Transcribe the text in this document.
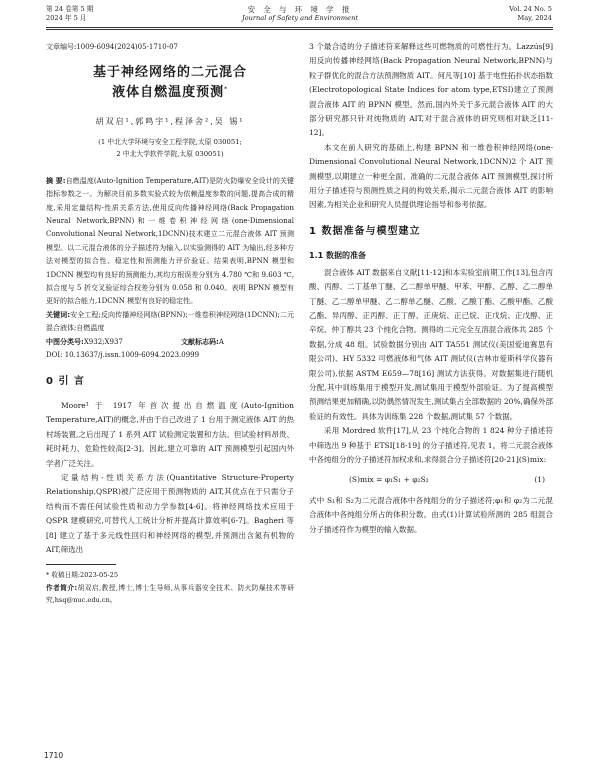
第 24 卷第 5 期
2024 年 5 月
安 全 与 环 境 学 报
Journal of Safety and Environment
Vol. 24 No. 5
May, 2024

文章编号:1009-6094(2024)05-1710-07

基于神经网络的二元混合

液体自燃温度预测*

胡双启¹,郭鸣宇¹,程泽舍²,吴 锡¹

(1 中北大学环境与安全工程学院,太原 030051;

2 中北大学软件学院,太原 030051)

摘 要:自燃温度(Auto-Ignition Temperature,AIT)是防火防爆安全设计的关键指标参数之一。为解决目前多数实验式较为依赖温度参数的问题,提高合成的精度,采用定量结构-性质关系方法,使用反向传播神经网络(Back Propagation Neural Network,BPNN)和一维卷积神经网络(one-Dimensional Convolutional Neural Network,1DCNN)技术建立二元混合液体 AIT 预测模型。以二元混合液体的分子描述符为输入,以实验测得的 AIT 为输出,经多种方法对模型的拟合性、稳定性和预测能力评价验证。结果表明,BPNN 模型和 1DCNN 模型均有良好的预测能力,其均方根误差分别为 4.780 ℃和 9.603 ℃,拟合度与 5 折交叉验证综合权差分别为 0.058 和 0.040。表明 BPNN 模型有更好的拟合能力,1DCNN 模型有良好的稳定性。

关键词:安全工程;反向传播神经网络(BPNN);一维卷积神经网络(1DCNN);二元混合液体;自燃温度

中图分类号:X932;X937	文献标志码:A

DOI: 10.13637/j.issn.1009-6094.2023.0999

0 引 言

Moore¹ 于 1917 年首次提出自燃温度(Auto-Ignition Temperature,AIT)的概念,并由于自己改进了 1 台用于测定液体 AIT 的热村场装置,之后出现了 1 系列 AIT 试验测定装置和方法。但试验材料昂贵、耗时耗力、危险性较高[2-3]。因此,建立可靠的 AIT 预测模型引起国内外学者广泛关注。

定量结构-性质关系方法(Quantitative Structure-Property Relationship,QSPR)被广泛应用于预测物质的 AIT,其优点在于只需分子结构而不需任何试验性质和动力学参数[4-6]。将神经网络技术应用于 QSPR 建模研究,可替代人工统计分析并提高计算效率[6-7]。Bagheri 等[8] 建立了基于多元线性回归和神经网络的模型,并预测出含氮有机物的 AIT,筛选出

* 收稿日期:2023-05-25

作者简介:胡双启,教授,博士,博士生导师,从事兵器安全技术、防火防爆技术等研究,hsq@nuc.edu.cn。

3 个最合适的分子描述符来解释这些可燃物质的可燃性行为。Lazzús[9] 用反向传播神经网络(Back Propagation Neural Network,BPNN)与粒子群优化的混合方法预测物质 AIT。何凡等[10] 基于电性拓扑状态指数(Electrotopological State Indices for atom type,ETSI)建立了预测混合液体 AIT 的 BPNN 模型。然而,国内外关于多元混合液体 AIT 的大部分研究都只针对纯物质的 AIT,对于混合液体的研究则相对缺乏[11-12]。

本文在前人研究的基础上,构建 BPNN 和一维卷积神经网络(one-Dimensional Convolutional Neural Network,1DCNN)2 个 AIT 预测模型,以期建立一种更全面、准确的二元混合液体 AIT 预测模型,探讨所用分子描述符与预测性质之间的构效关系,揭示二元混合液体 AIT 的影响因素,为相关企业和研究人员提供理论指导和参考依据。

1 数据准备与模型建立
1.1 数据的准备

混合液体 AIT 数据来自文献[11-12]和本实验室前期工作[13],包含丙酸、丙醇、二丁基单丁醚、乙二醇单甲醚、甲苯、甲醇、乙醇、乙二醇单丁醚、乙二醇单甲醚、乙二醇单乙醚、乙酸、乙酸丁酯、乙酸甲酯、乙酸乙酯、异丙醇、正丙醇、正丁醇、正庚烷、正己烷、正戊烷、正戊醇、正辛烷、仲丁醇共 23 个纯化合物。测得的二元完全互溶混合液体共 285 个数据,分成 48 组。试验数据分别由 AIT TA551 测试仪(美国爱迪赛思有限公司)、HY 5332 可燃液体和气体 AIT 测试仪(吉林市爱斯科学仪器有限公司),依据 ASTM E659—78[16] 测试方法获得。对数据集进行随机分配,其中训练集用于模型开发,测试集用于模型外部验证。为了提高模型预测结果更加精确,以防偶然情况发生,测试集占全部数据的 20%,确保外部验证的有效性。具体为训练集 228 个数据,测试集 57 个数据。

采用 Mordred 软件[17],从 23 个纯化合物的 1 824 种分子描述符中筛选出 9 种基于 ETSI[18-19] 的分子描述符,见表 1。将二元混合液体中各纯组分的分子描述符加权求和,求得混合分子描述符[20-21](S)mix:

(S)mix = φ₁S₁ + φ₂S₂	(1)

式中 S₁和 S₂为二元混合液体中各纯组分的分子描述符;φ₁和 φ₂为二元混合液体中各纯组分所占的体积分数。由式(1)计算试验所测的 285 组混合分子描述符作为模型的输入数据。

1710
